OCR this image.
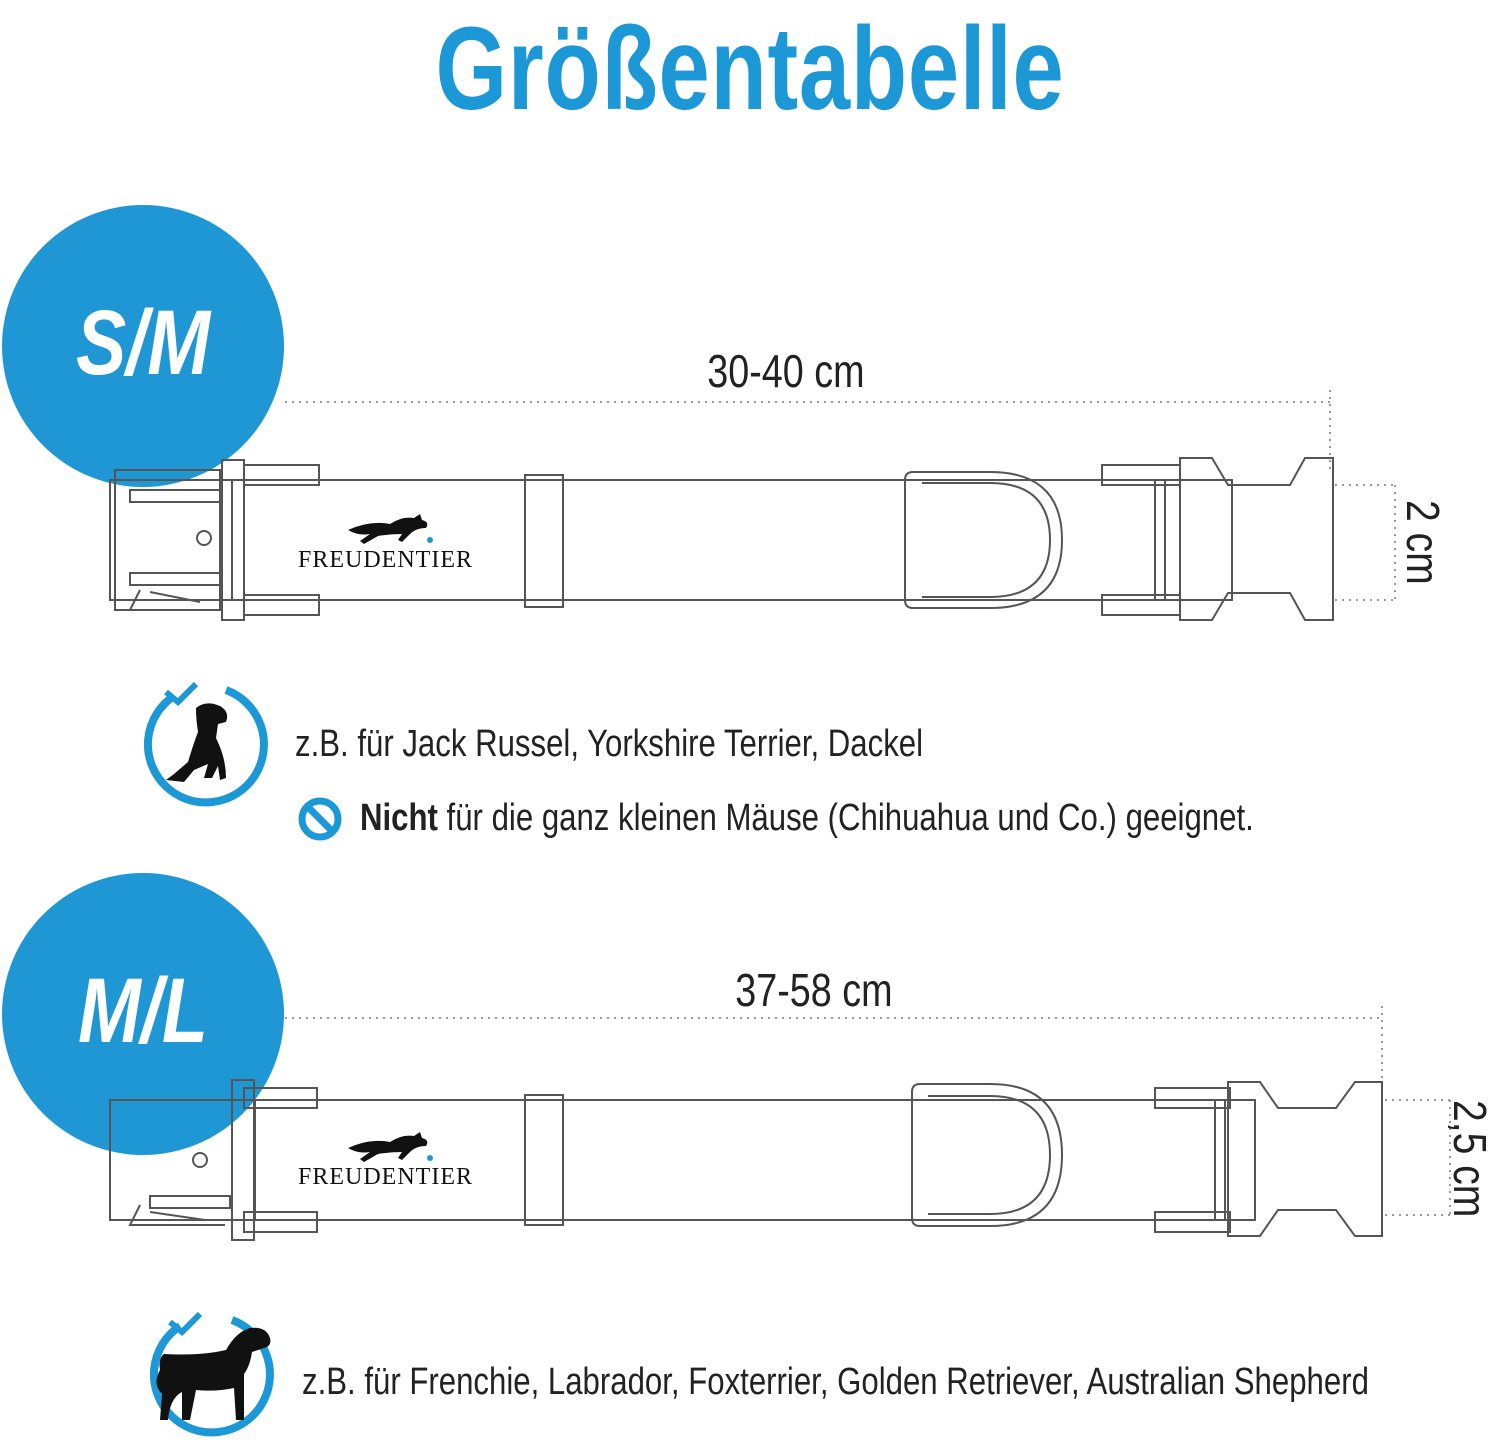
Größentabelle
S/M	30-40 cm
FREUDENTIER	2 cm
z.B. für Jack Russel, Yorkshire Terrier, Dackel
Nicht für die ganz kleinen Mäuse (Chihuahua und Co.) geeignet.
M/L	37-58 cm
FREUDENTIER	2,5 cm
z.B. für Frenchie, Labrador, Foxterrier, Golden Retriever, Australian Shepherd
